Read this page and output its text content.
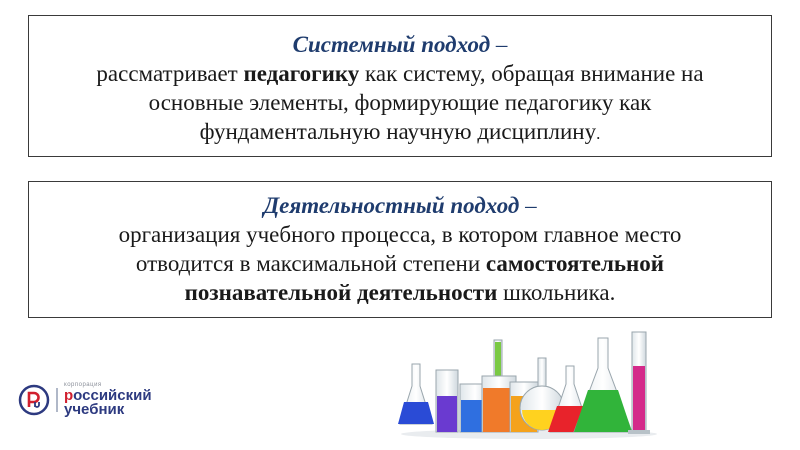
Системный подход –
рассматривает педагогику как систему, обращая внимание на
основные элементы, формирующие педагогику как
фундаментальную научную дисциплину.
Деятельностный подход –
организация учебного процесса, в котором главное место
отводится в максимальной степени самостоятельной
познавательной деятельности школьника.
корпорация
российский
учебник
